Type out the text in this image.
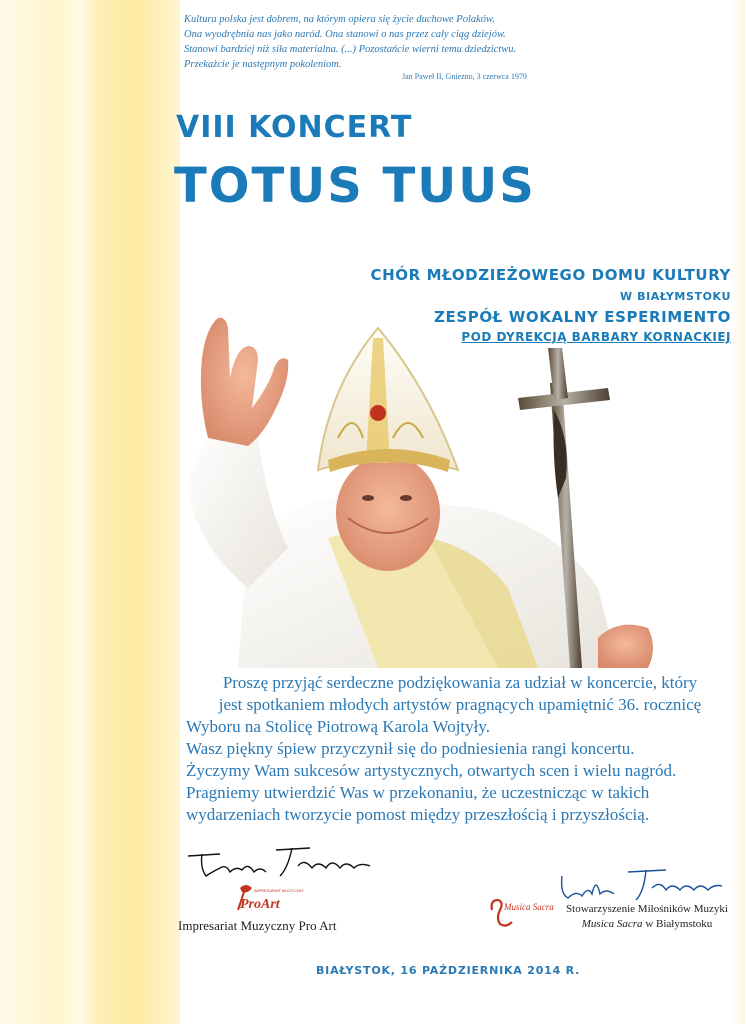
Kultura polska jest dobrem, na którym opiera się życie duchowe Polaków.
Ona wyodrębnia nas jako naród. Ona stanowi o nas przez cały ciąg dziejów.
Stanowi bardziej niż siła materialna. (...) Pozostańcie wierni temu dziedzictwu.
Przekażcie je następnym pokoleniom.
Jan Paweł II, Gniezno, 3 czerwca 1979
VIII KONCERT
TOTUS TUUS
CHÓR MŁODZIEŻOWEGO DOMU KULTURY
W BIAŁYMSTOKU
ZESPÓŁ WOKALNY ESPERIMENTO
POD DYREKCJĄ BARBARY KORNACKIEJ
Proszę przyjąć serdeczne podziękowania za udział w koncercie, który
jest spotkaniem młodych artystów pragnących upamiętnić 36. rocznicę
Wyboru na Stolicę Piotrową Karola Wojtyły.
Wasz piękny śpiew przyczynił się do podniesienia rangi koncertu.
Życzymy Wam sukcesów artystycznych, otwartych scen i wielu nagród.
Pragniemy utwierdzić Was w przekonaniu, że uczestnicząc w takich
wydarzeniach tworzycie pomost między przeszłością i przyszłością.
IMPRESARIAT MUZYCZNY
ProArt
Impresariat Muzyczny Pro Art
Musica Sacra	Stowarzyszenie Miłośników Muzyki
Musica Sacra w Białymstoku
BIAŁYSTOK, 16 PAŹDZIERNIKA 2014 R.
